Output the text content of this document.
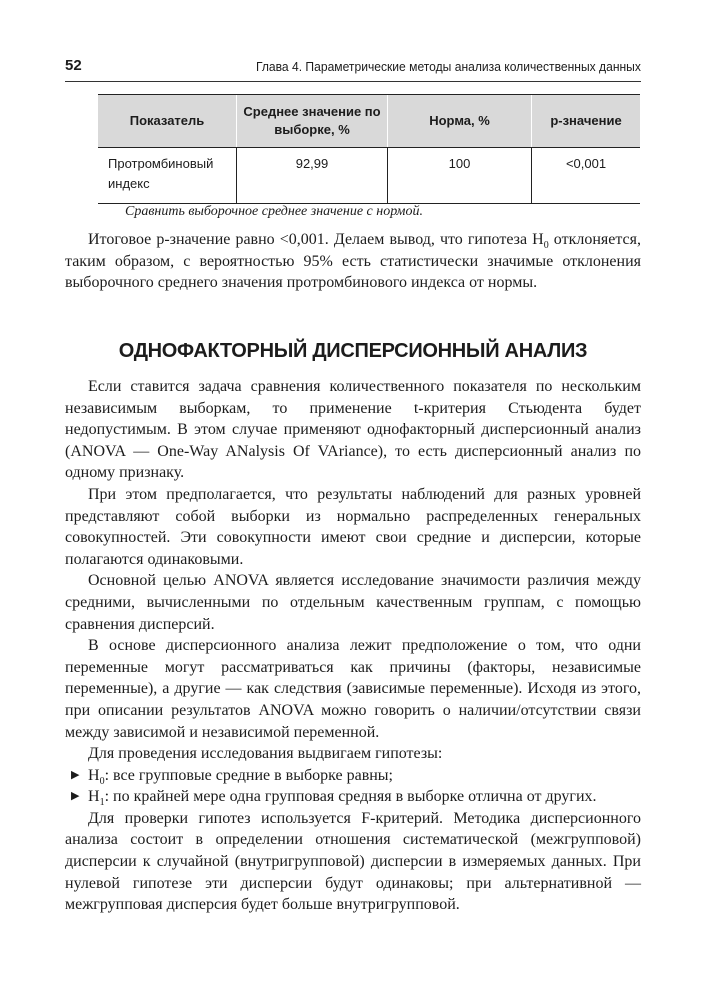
52	Глава 4. Параметрические методы анализа количественных данных
Показатель	Среднее значение по выборке, %	Норма, %	p-значение
Протромбиновый индекс	92,99	100	<0,001
Сравнить выборочное среднее значение с нормой.

Итоговое p-значение равно <0,001. Делаем вывод, что гипотеза $H_0$ отклоняется, таким образом, с вероятностью 95% есть статистически значимые отклонения выборочного среднего значения протромбинового индекса от нормы.

ОДНОФАКТОРНЫЙ ДИСПЕРСИОННЫЙ АНАЛИЗ

Если ставится задача сравнения количественного показателя по нескольким независимым выборкам, то применение t-критерия Стьюдента будет недопустимым. В этом случае применяют однофакторный дисперсионный анализ (ANOVA — One-Way ANalysis Of VAriance), то есть дисперсионный анализ по одному признаку.

При этом предполагается, что результаты наблюдений для разных уровней представляют собой выборки из нормально распределенных генеральных совокупностей. Эти совокупности имеют свои средние и дисперсии, которые полагаются одинаковыми.

Основной целью ANOVA является исследование значимости различия между средними, вычисленными по отдельным качественным группам, с помощью сравнения дисперсий.

В основе дисперсионного анализа лежит предположение о том, что одни переменные могут рассматриваться как причины (факторы, независимые переменные), а другие — как следствия (зависимые переменные). Исходя из этого, при описании результатов ANOVA можно говорить о наличии/отсутствии связи между зависимой и независимой переменной.

Для проведения исследования выдвигаем гипотезы:

▶ $H_0$: все групповые средние в выборке равны;
▶ $H_1$: по крайней мере одна групповая средняя в выборке отлична от других.

Для проверки гипотез используется F-критерий. Методика дисперсионного анализа состоит в определении отношения систематической (межгрупповой) дисперсии к случайной (внутригрупповой) дисперсии в измеряемых данных. При нулевой гипотезе эти дисперсии будут одинаковы; при альтернативной — межгрупповая дисперсия будет больше внутригрупповой.
